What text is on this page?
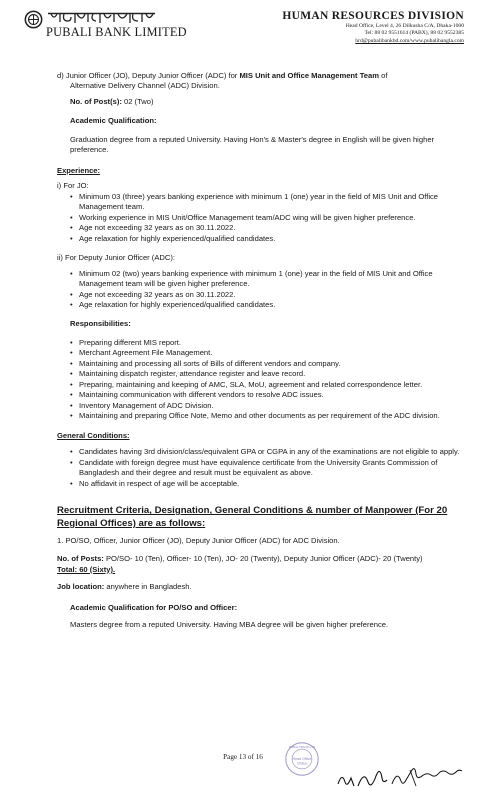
PUBALI BANK LIMITED
HUMAN RESOURCES DIVISION
Head Office, Level 4, 26 Dilkusha C/A, Dhaka-1000
Tel: 88 02 9551614 (PABX), 88 02 9552385
hrd@pubalibankbd.com/www.pubalibangla.com

d) Junior Officer (JO), Deputy Junior Officer (ADC) for MIS Unit and Office Management Team of

Alternative Delivery Channel (ADC) Division.

No. of Post(s): 02 (Two)

Academic Qualification:

Graduation degree from a reputed University. Having Hon's & Master's degree in English will be given higher preference.

Experience:

i) For JO:

• Minimum 03 (three) years banking experience with minimum 1 (one) year in the field of MIS Unit and Office Management team.
• Working experience in MIS Unit/Office Management team/ADC wing will be given higher preference.
• Age not exceeding 32 years as on 30.11.2022.
• Age relaxation for highly experienced/qualified candidates.

ii) For Deputy Junior Officer (ADC):

• Minimum 02 (two) years banking experience with minimum 1 (one) year in the field of MIS Unit and Office Management team will be given higher preference.
• Age not exceeding 32 years as on 30.11.2022.
• Age relaxation for highly experienced/qualified candidates.

Responsibilities:

• Preparing different MIS report.
• Merchant Agreement File Management.
• Maintaining and processing all sorts of Bills of different vendors and company.
• Maintaining dispatch register, attendance register and leave record.
• Preparing, maintaining and keeping of AMC, SLA, MoU, agreement and related correspondence letter.
• Maintaining communication with different vendors to resolve ADC issues.
• Inventory Management of ADC Division.
• Maintaining and preparing Office Note, Memo and other documents as per requirement of the ADC division.

General Conditions:

• Candidates having 3rd division/class/equivalent GPA or CGPA in any of the examinations are not eligible to apply.
• Candidate with foreign degree must have equivalence certificate from the University Grants Commission of Bangladesh and their degree and result must be equivalent as above.
• No affidavit in respect of age will be acceptable.

Recruitment Criteria, Designation, General Conditions & number of Manpower (For 20 Regional Offices) are as follows:

1. PO/SO, Officer, Junior Officer (JO), Deputy Junior Officer (ADC) for ADC Division.

No. of Posts: PO/SO- 10 (Ten), Officer- 10 (Ten), JO- 20 (Twenty), Deputy Junior Officer (ADC)- 20 (Twenty)

Total: 60 (Sixty).

Job location: anywhere in Bangladesh.

Academic Qualification for PO/SO and Officer:

Masters degree from a reputed University. Having MBA degree will be given higher preference.

Page 13 of 16
PUBALI BANK LTD
Head Office
Dhaka
